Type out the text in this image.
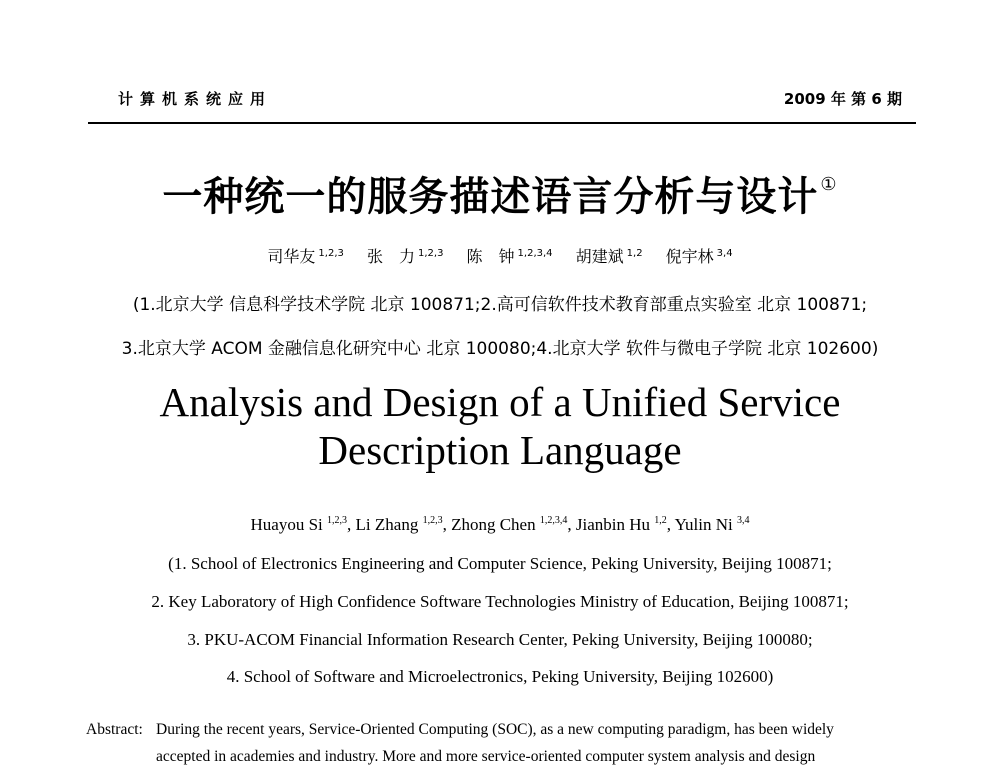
计算机系统应用	2009 年 第 6 期
一种统一的服务描述语言分析与设计 ①
司华友 $^{1,2,3}$ 张　力 $^{1,2,3}$ 陈　钟 $^{1,2,3,4}$ 胡建斌 $^{1,2}$ 倪宇林 $^{3,4}$
(1.北京大学 信息科学技术学院 北京 100871;2.高可信软件技术教育部重点实验室 北京 100871;
3.北京大学 ACOM 金融信息化研究中心 北京 100080;4.北京大学 软件与微电子学院 北京 102600)
Analysis and Design of a Unified Service
Description Language
Huayou Si $^{1,2,3}$, Li Zhang $^{1,2,3}$, Zhong Chen $^{1,2,3,4}$, Jianbin Hu $^{1,2}$, Yulin Ni $^{3,4}$
(1. School of Electronics Engineering and Computer Science, Peking University, Beijing 100871;
2. Key Laboratory of High Confidence Software Technologies Ministry of Education, Beijing 100871;
3. PKU-ACOM Financial Information Research Center, Peking University, Beijing 100080;
4. School of Software and Microelectronics, Peking University, Beijing 102600)
Abstract: During the recent years, Service-Oriented Computing (SOC), as a new computing paradigm, has been widely
accepted in academies and industry. More and more service-oriented computer system analysis and design
